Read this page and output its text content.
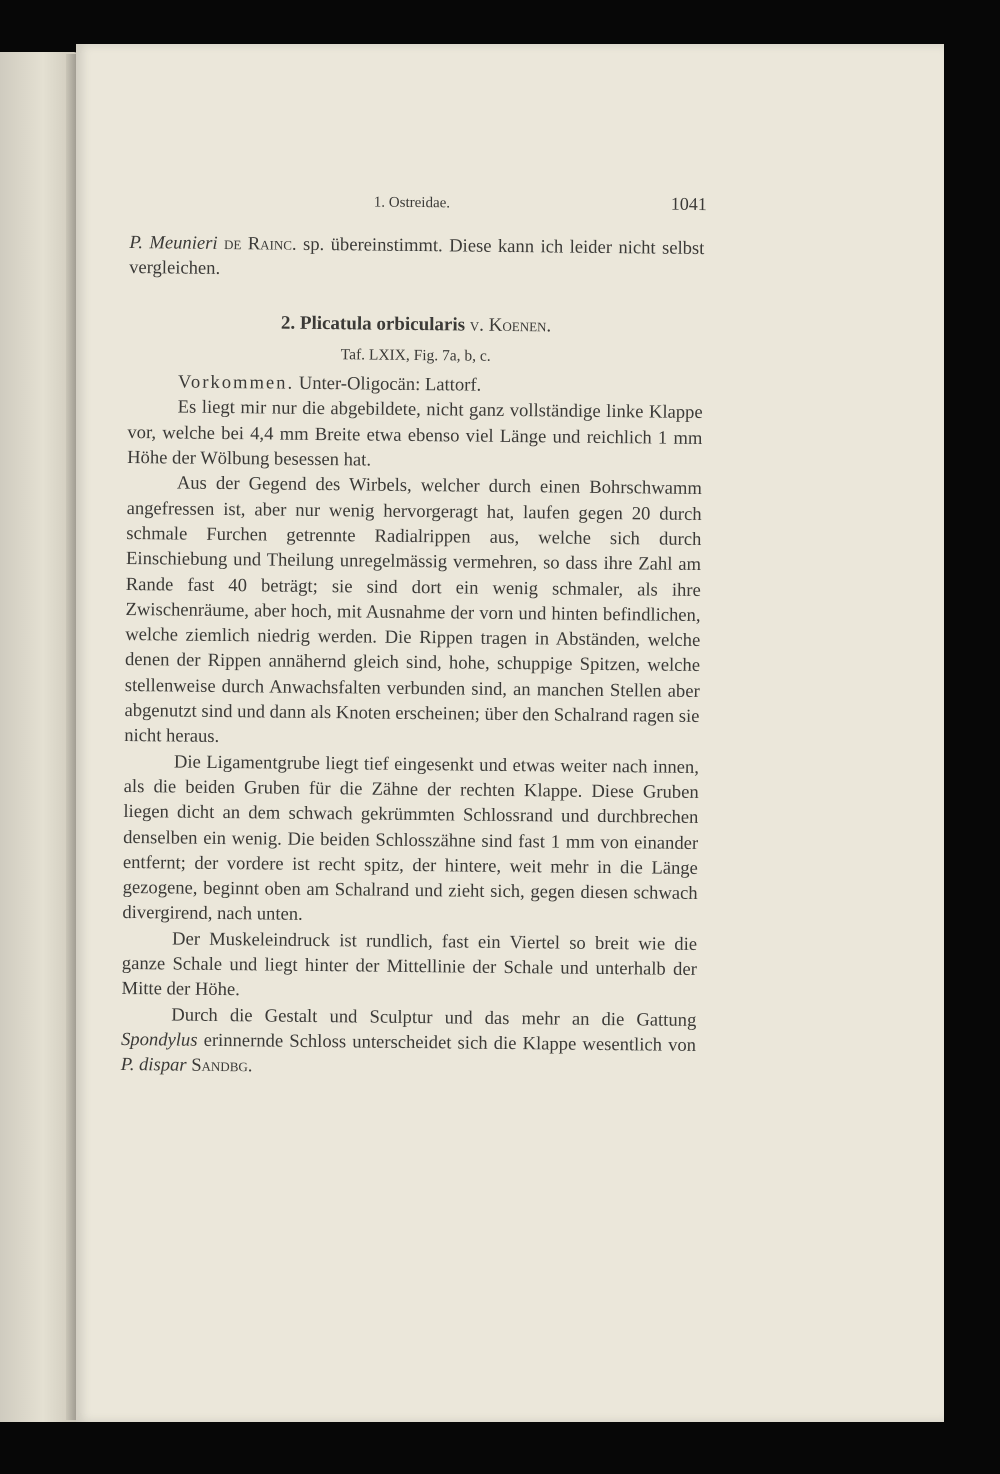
1. Ostreidae.	1041

P. Meunieri de Rainc. sp. übereinstimmt. Diese kann ich leider nicht selbst vergleichen.

2. Plicatula orbicularis v. Koenen.
Taf. LXIX, Fig. 7a, b, c.

Vorkommen. Unter-Oligocän: Lattorf.

Es liegt mir nur die abgebildete, nicht ganz vollständige linke Klappe vor, welche bei 4,4 mm Breite etwa ebenso viel Länge und reichlich 1 mm Höhe der Wölbung besessen hat.

Aus der Gegend des Wirbels, welcher durch einen Bohrschwamm angefressen ist, aber nur wenig hervorgeragt hat, laufen gegen 20 durch schmale Furchen getrennte Radialrippen aus, welche sich durch Einschiebung und Theilung unregelmässig vermehren, so dass ihre Zahl am Rande fast 40 beträgt; sie sind dort ein wenig schmaler, als ihre Zwischenräume, aber hoch, mit Ausnahme der vorn und hinten befindlichen, welche ziemlich niedrig werden. Die Rippen tragen in Abständen, welche denen der Rippen annähernd gleich sind, hohe, schuppige Spitzen, welche stellenweise durch Anwachsfalten verbunden sind, an manchen Stellen aber abgenutzt sind und dann als Knoten erscheinen; über den Schalrand ragen sie nicht heraus.

Die Ligamentgrube liegt tief eingesenkt und etwas weiter nach innen, als die beiden Gruben für die Zähne der rechten Klappe. Diese Gruben liegen dicht an dem schwach gekrümmten Schlossrand und durchbrechen denselben ein wenig. Die beiden Schlosszähne sind fast 1 mm von einander entfernt; der vordere ist recht spitz, der hintere, weit mehr in die Länge gezogene, beginnt oben am Schalrand und zieht sich, gegen diesen schwach divergirend, nach unten.

Der Muskeleindruck ist rundlich, fast ein Viertel so breit wie die ganze Schale und liegt hinter der Mittellinie der Schale und unterhalb der Mitte der Höhe.

Durch die Gestalt und Sculptur und das mehr an die Gattung Spondylus erinnernde Schloss unterscheidet sich die Klappe wesentlich von P. dispar Sandbg.
